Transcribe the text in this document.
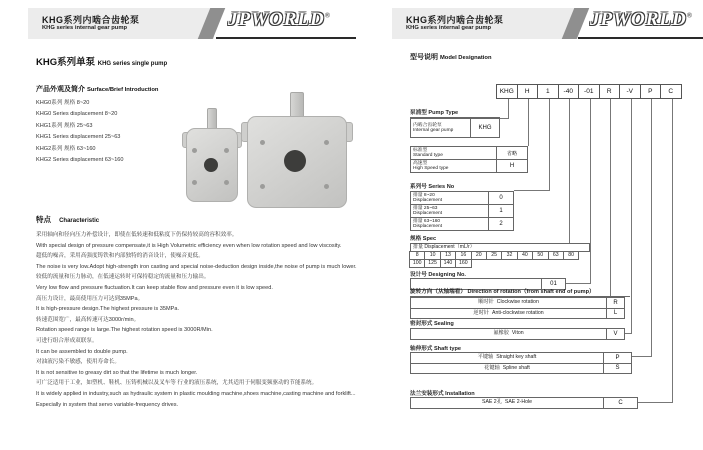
KHG系列内啮合齿轮泵
KHG series internal gear pump	JPWORLD®
KHG系列单泵 KHG series single pump
产品外观及简介 Surface/Brief Introduction
KHG0系列 规格 8~20
KHG0 Series displacement 8~20
KHG1系列 规格 25~63
KHG1 Series displacement 25~63
KHG2系列 规格 63~160
KHG2 Series displacement 63~160
特点 Characteristic
采用轴向和径向压力补偿设计，即使在低转速和低粘度下仍保持较高的容积效率。
With special design of pressure compensate,it is High Volumetric efficiency even when low rotation speed and low viscosity.
超低的噪音，采用高强度铸铁和内部独特的消音设计，使噪音更低。
The noise is very low.Adopt high-strength iron casting and special noise-deduction design inside,the noise of pump is much lower.
较低的流量和压力脉动，在低速运转时可保持稳定的流量和压力输出。
Very low flow and pressure fluctuation.It can keep stable flow and pressure even it is low speed.
高压力设计，最高使用压力可达到35MPa。
It is high-pressure design.The highest pressure is 35MPa.
转速范围宽广，最高转速可达3000r/min。
Rotation speed range is large.The highest rotation speed is 3000R/Min.
可进行组合形成双联泵。
It can be assembled to double pump.
对油液污染不敏感，使用寿命长。
It is not sensitive to greasy dirt so that the lifetime is much longer.
可广泛适用于工业，如塑机、鞋机、压铸机械以及叉车等 行业的液压系统，尤其适用于伺服变频驱动的节能系统。
It is widely applied in industry,such as hydraulic system in plastic moulding machine,shoes machine,casting machine and forklift...
Especially in system that servo variable-frequency drives.
KHG系列内啮合齿轮泵
KHG series internal gear pump	JPWORLD®
型号说明 Model Designation
KHG	H	1	-40	-01	R	-V	P	C
泵浦型 Pump Type
内啮合齿轮泵
Internal gear pump	KHG
标准型
Standard type	省略
高速型
High Speed type	H
系列号 Series No
排量 8~20
Displacement	0
排量 25~63
Displacement	1
排量 63~160
Displacement	2
规格 Spec
排量 Displacement（mL/r）
8	10	13	16	20	25	32	40	50	63	80
100	125	140	160
设计号 Designing No.
01
旋转方向（从轴端看） Direction of rotation（from shaft end of pump）
顺时针 Clockwise rotation	R
逆时针 Anti-clockwise rotation	L
密封形式 Sealing
氟橡胶 Viton	V
轴伸形式 Shaft type
平键轴 Straight key shaft	P
花键轴 Spline shaft	S
法兰安装形式 Installation
SAE 2孔 SAE 2-Hole	C
